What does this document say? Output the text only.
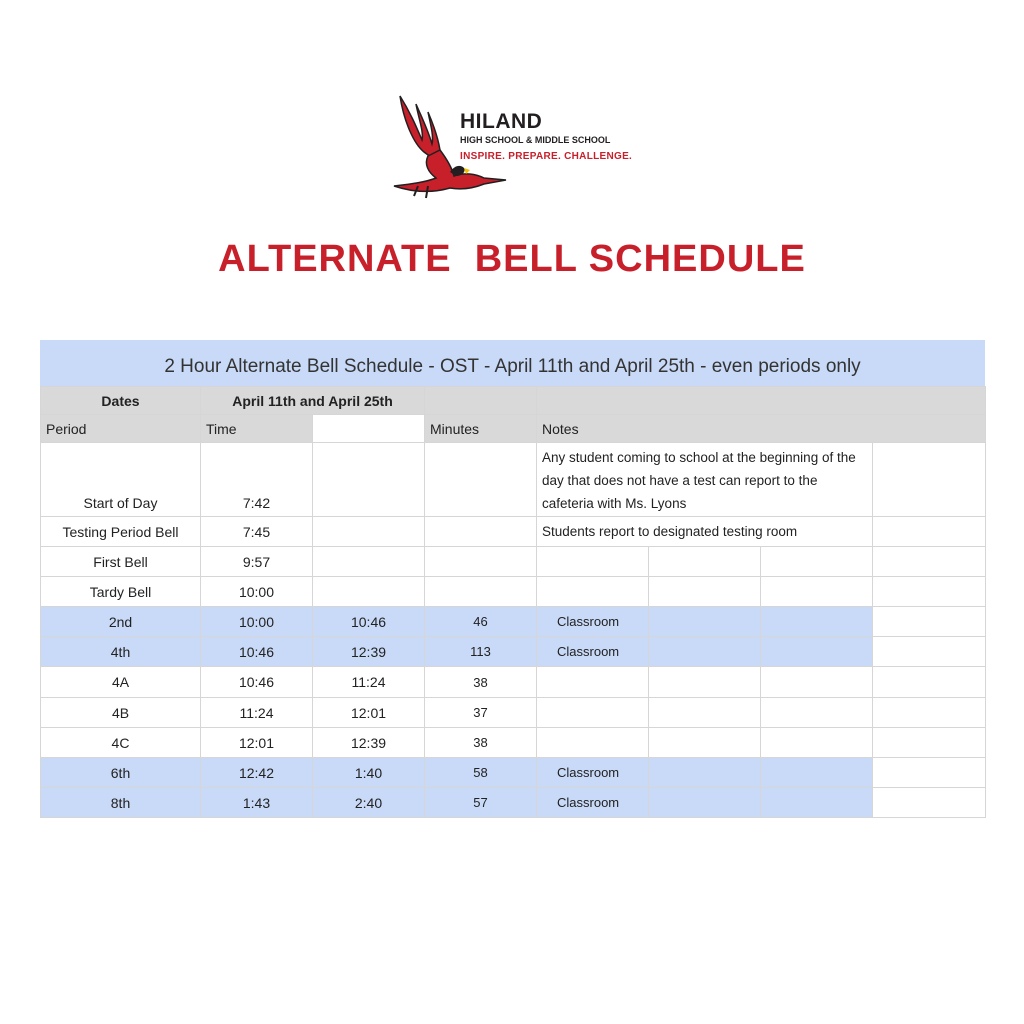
HILAND
HIGH SCHOOL & MIDDLE SCHOOL
INSPIRE. PREPARE. CHALLENGE.
ALTERNATE  BELL SCHEDULE
2 Hour Alternate Bell Schedule - OST - April 11th and April 25th - even periods only
Dates	April 11th and April 25th						
Period	Time		Minutes	Notes			
Start of Day	7:42			Any student coming to school at the beginning of the day that does not have a test can report to the cafeteria with Ms. Lyons			
Testing Period Bell	7:45			Students report to designated testing room			
First Bell	9:57						
Tardy Bell	10:00						
2nd	10:00	10:46	46	Classroom			
4th	10:46	12:39	113	Classroom			
4A	10:46	11:24	38				
4B	11:24	12:01	37				
4C	12:01	12:39	38				
6th	12:42	1:40	58	Classroom			
8th	1:43	2:40	57	Classroom			
